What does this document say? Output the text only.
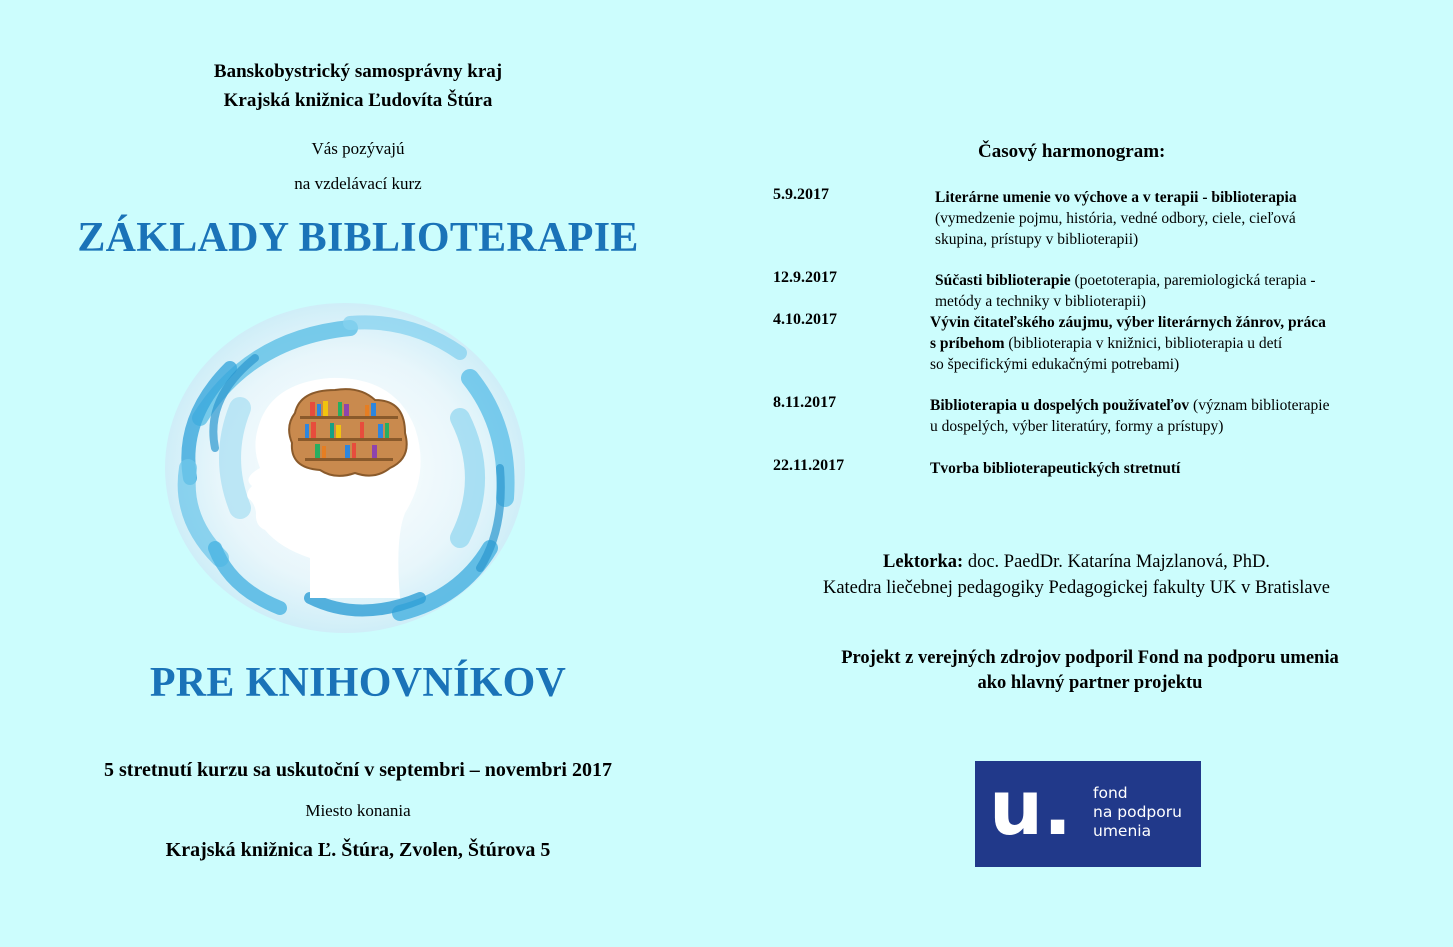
Banskobystrický samosprávny kraj
Krajská knižnica Ľudovíta Štúra
Vás pozývajú
na vzdelávací kurz
ZÁKLADY BIBLIOTERAPIE
PRE KNIHOVNÍKOV
5 stretnutí kurzu sa uskutoční v septembri – novembri 2017
Miesto konania
Krajská knižnica Ľ. Štúra, Zvolen, Štúrova 5
Časový harmonogram:
5.9.2017	Literárne umenie vo výchove a v terapii - biblioterapia
(vymedzenie pojmu, história, vedné odbory, ciele, cieľová
skupina, prístupy v biblioterapii)
12.9.2017	Súčasti biblioterapie (poetoterapia, paremiologická terapia -
metódy a techniky v biblioterapii)
4.10.2017	Vývin čitateľského záujmu, výber literárnych žánrov, práca
s príbehom (biblioterapia v knižnici, biblioterapia u detí
so špecifickými edukačnými potrebami)
8.11.2017	Biblioterapia u dospelých používateľov (význam biblioterapie
u dospelých, výber literatúry, formy a prístupy)
22.11.2017	Tvorba biblioterapeutických stretnutí
Lektorka: doc. PaedDr. Katarína Majzlanová, PhD.
Katedra liečebnej pedagogiky Pedagogickej fakulty UK v Bratislave
Projekt z verejných zdrojov podporil Fond na podporu umenia
ako hlavný partner projektu
u. fond
na podporu
umenia
